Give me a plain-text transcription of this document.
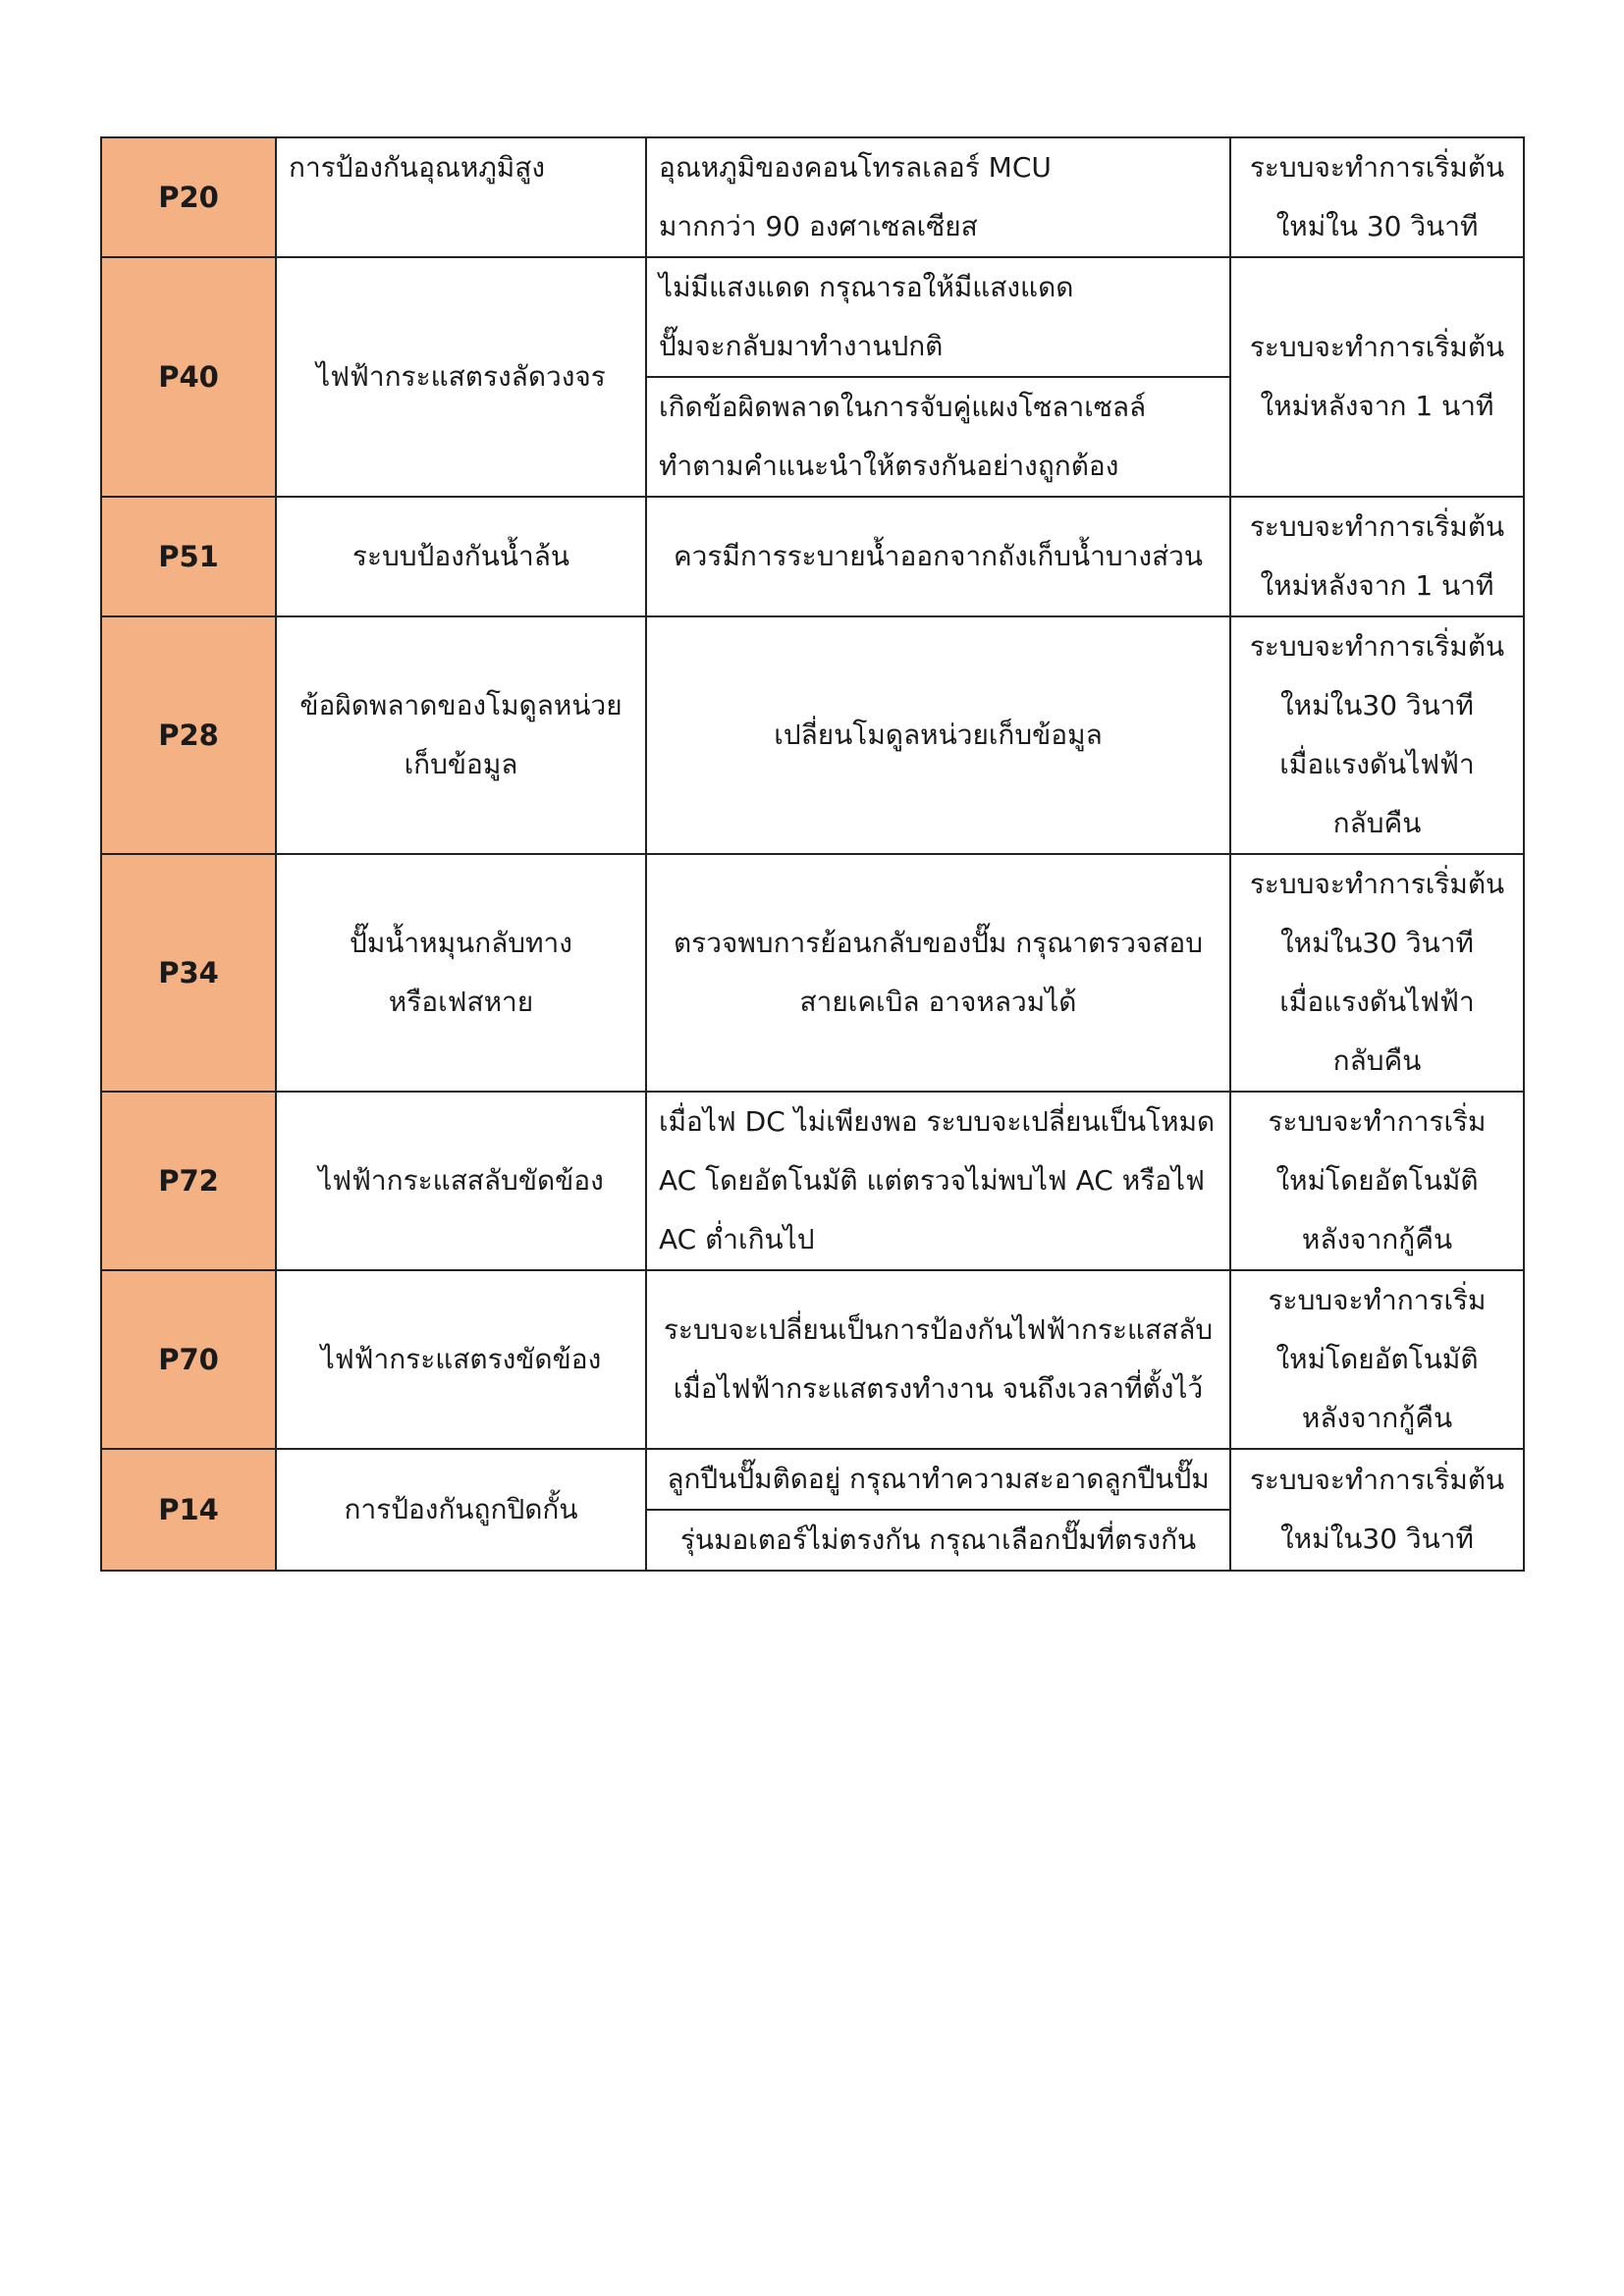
P20	การป้องกันอุณหภูมิสูง	อุณหภูมิของคอนโทรลเลอร์ MCU
มากกว่า 90 องศาเซลเซียส	ระบบจะทำการเริ่มต้น
ใหม่ใน 30 วินาที

P40	ไฟฟ้ากระแสตรงลัดวงจร	ไม่มีแสงแดด กรุณารอให้มีแสงแดด
ปั๊มจะกลับมาทำงานปกติ	ระบบจะทำการเริ่มต้น
ใหม่หลังจาก 1 นาที

		เกิดข้อผิดพลาดในการจับคู่แผงโซลาเซลล์
ทำตามคำแนะนำให้ตรงกันอย่างถูกต้อง	

P51	ระบบป้องกันน้ำล้น	ควรมีการระบายน้ำออกจากถังเก็บน้ำบางส่วน	ระบบจะทำการเริ่มต้น
ใหม่หลังจาก 1 นาที

P28	ข้อผิดพลาดของโมดูลหน่วย
เก็บข้อมูล	เปลี่ยนโมดูลหน่วยเก็บข้อมูล	ระบบจะทำการเริ่มต้น
ใหม่ใน30 วินาที
เมื่อแรงดันไฟฟ้า
กลับคืน

P34	ปั๊มน้ำหมุนกลับทาง
หรือเฟสหาย	ตรวจพบการย้อนกลับของปั๊ม กรุณาตรวจสอบ
สายเคเบิล อาจหลวมได้	ระบบจะทำการเริ่มต้น
ใหม่ใน30 วินาที
เมื่อแรงดันไฟฟ้า
กลับคืน

P72	ไฟฟ้ากระแสสลับขัดข้อง	เมื่อไฟ DC ไม่เพียงพอ ระบบจะเปลี่ยนเป็นโหมด
AC โดยอัตโนมัติ แต่ตรวจไม่พบไฟ AC หรือไฟ
AC ต่ำเกินไป	ระบบจะทำการเริ่ม
ใหม่โดยอัตโนมัติ
หลังจากกู้คืน

P70	ไฟฟ้ากระแสตรงขัดข้อง	ระบบจะเปลี่ยนเป็นการป้องกันไฟฟ้ากระแสสลับ
เมื่อไฟฟ้ากระแสตรงทำงาน จนถึงเวลาที่ตั้งไว้	ระบบจะทำการเริ่ม
ใหม่โดยอัตโนมัติ
หลังจากกู้คืน

P14	การป้องกันถูกปิดกั้น	ลูกปืนปั๊มติดอยู่ กรุณาทำความสะอาดลูกปืนปั๊ม	ระบบจะทำการเริ่มต้น
ใหม่ใน30 วินาที

		รุ่นมอเตอร์ไม่ตรงกัน กรุณาเลือกปั๊มที่ตรงกัน	
